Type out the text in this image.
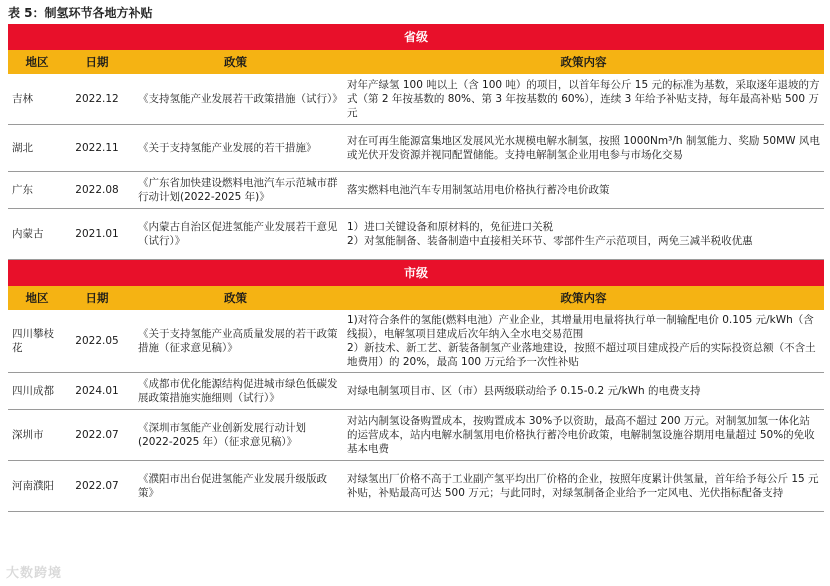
表 5：制氢环节各地方补贴
省级			
地区	日期	政策	政策内容
吉林	2022.12	《支持氢能产业发展若干政策措施（试行）》	对年产绿氢 100 吨以上（含 100 吨）的项目，以首年每公斤 15 元的标准为基数，采取逐年退坡的方式（第 2 年按基数的 80%、第 3 年按基数的 60%），连续 3 年给予补贴支持，每年最高补贴 500 万元

湖北	2022.11	《关于支持氢能产业发展的若干措施》	对在可再生能源富集地区发展风光水规模电解水制氢，按照 1000Nm³/h 制氢能力、奖励 50MW 风电或光伏开发资源并视同配置储能。支持电解制氢企业用电参与市场化交易

广东	2022.08	《广东省加快建设燃料电池汽车示范城市群行动计划(2022-2025 年)》	落实燃料电池汽车专用制氢站用电价格执行蓄冷电价政策

内蒙古	2021.01	《内蒙古自治区促进氢能产业发展若干意见（试行）》	1）进口关键设备和原材料的，免征进口关税
2）对氢能制备、装备制造中直接相关环节、零部件生产示范项目，两免三减半税收优惠

市级			
地区	日期	政策	政策内容
四川攀枝花	2022.05	《关于支持氢能产业高质量发展的若干政策措施（征求意见稿）》	1)对符合条件的氢能(燃料电池）产业企业，其增量用电量将执行单一制输配电价 0.105 元/kWh（含线损），电解氢项目建成后次年纳入全水电交易范围
2）新技术、新工艺、新装备制氢产业落地建设，按照不超过项目建成投产后的实际投资总额（不含土地费用）的 20%，最高 100 万元给予一次性补贴

四川成都	2024.01	《成都市优化能源结构促进城市绿色低碳发展政策措施实施细则（试行）》	对绿电制氢项目市、区（市）县两级联动给予 0.15-0.2 元/kWh 的电费支持

深圳市	2022.07	《深圳市氢能产业创新发展行动计划(2022-2025 年）（征求意见稿）》	对站内制氢设备购置成本，按购置成本 30%予以资助，最高不超过 200 万元。对制氢加氢一体化站的运营成本，站内电解水制氢用电价格执行蓄冷电价政策，电解制氢设施谷期用电量超过 50%的免收基本电费

河南濮阳	2022.07	《濮阳市出台促进氢能产业发展升级版政策》	对绿氢出厂价格不高于工业副产氢平均出厂价格的企业，按照年度累计供氢量，首年给予每公斤 15 元补贴，补贴最高可达 500 万元；与此同时，对绿氢制备企业给予一定风电、光伏指标配备支持
大数跨境
